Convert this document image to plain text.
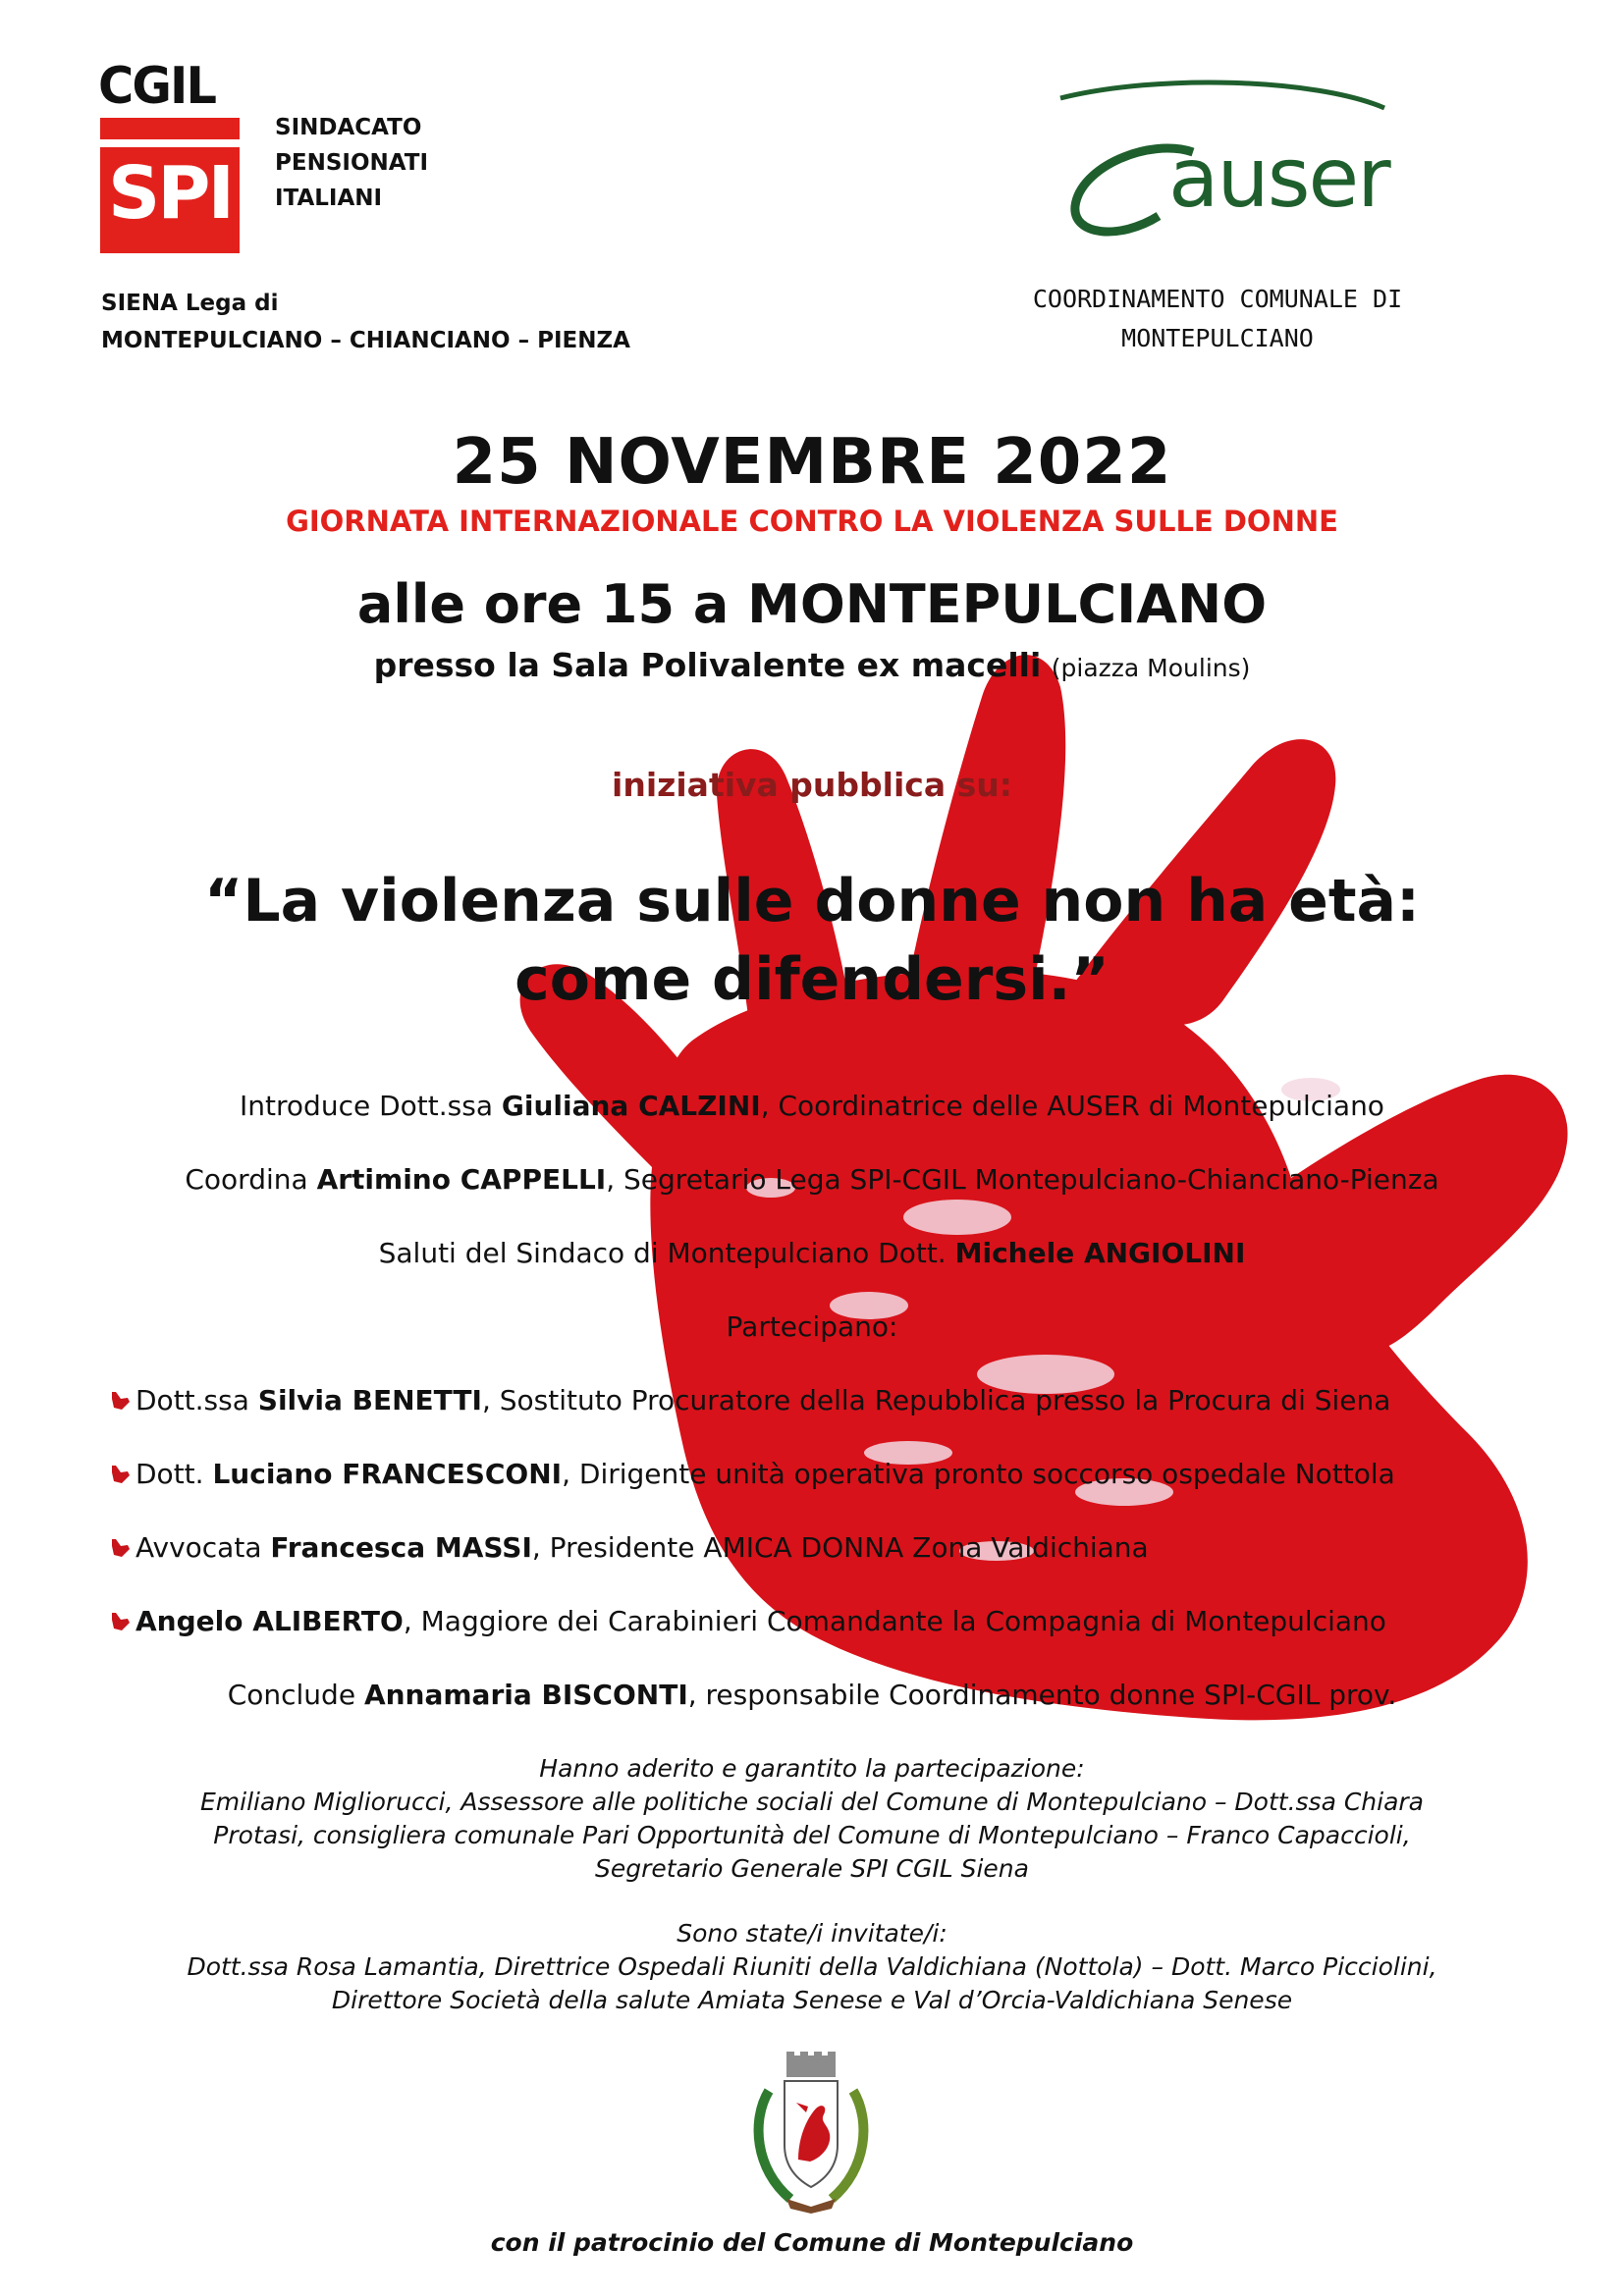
CGIL
SPI
SINDACATO
PENSIONATI
ITALIANI
SIENA Lega di
MONTEPULCIANO – CHIANCIANO – PIENZA
auser
COORDINAMENTO COMUNALE DI
MONTEPULCIANO
25 NOVEMBRE 2022
GIORNATA INTERNAZIONALE CONTRO LA VIOLENZA SULLE DONNE
alle ore 15 a MONTEPULCIANO
presso la Sala Polivalente ex macelli (piazza Moulins)
iniziativa pubblica su:
“La violenza sulle donne non ha età:
come difendersi.”
Introduce Dott.ssa Giuliana CALZINI, Coordinatrice delle AUSER di Montepulciano
Coordina Artimino CAPPELLI, Segretario Lega SPI-CGIL Montepulciano-Chianciano-Pienza
Saluti del Sindaco di Montepulciano Dott. Michele ANGIOLINI
Partecipano:
Dott.ssa Silvia BENETTI, Sostituto Procuratore della Repubblica presso la Procura di Siena
Dott. Luciano FRANCESCONI, Dirigente unità operativa pronto soccorso ospedale Nottola
Avvocata Francesca MASSI, Presidente AMICA DONNA Zona Valdichiana
Angelo ALIBERTO, Maggiore dei Carabinieri Comandante la Compagnia di Montepulciano
Conclude Annamaria BISCONTI, responsabile Coordinamento donne SPI-CGIL prov.
Hanno aderito e garantito la partecipazione:
Emiliano Migliorucci, Assessore alle politiche sociali del Comune di Montepulciano – Dott.ssa Chiara
Protasi, consigliera comunale Pari Opportunità del Comune di Montepulciano – Franco Capaccioli,
Segretario Generale SPI CGIL Siena
Sono state/i invitate/i:
Dott.ssa Rosa Lamantia, Direttrice Ospedali Riuniti della Valdichiana (Nottola) – Dott. Marco Picciolini,
Direttore Società della salute Amiata Senese e Val d’Orcia-Valdichiana Senese
con il patrocinio del Comune di Montepulciano
